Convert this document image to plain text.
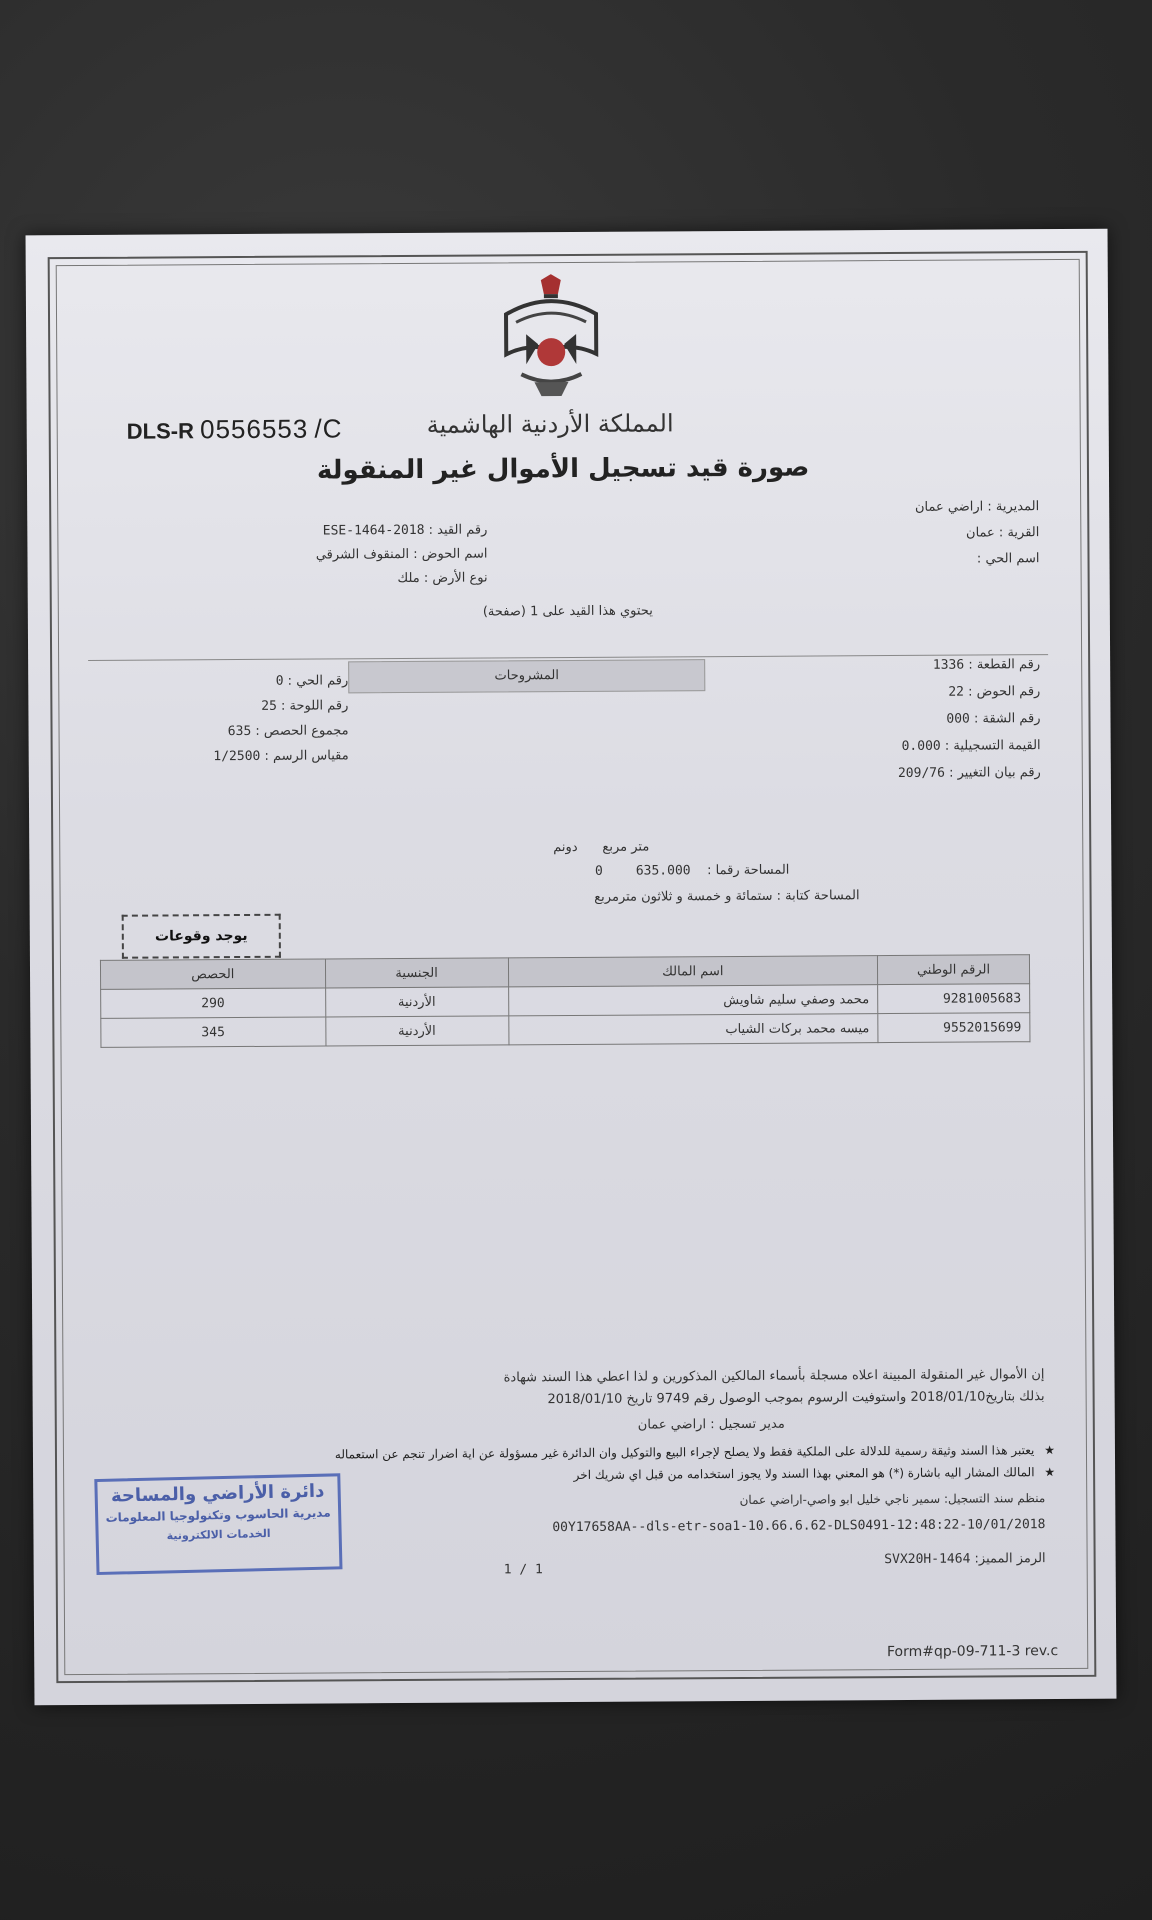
DLS-R 0556553 /C	المملكة الأردنية الهاشمية
صورة قيد تسجيل الأموال غير المنقولة
المديرية : اراضي عمان
القرية : عمان
اسم الحي :
رقم القيد : 2018-ESE-1464
اسم الحوض : المنقوف الشرقي
نوع الأرض : ملك
يحتوي هذا القيد على 1 (صفحة)
المشروحات
رقم القطعة : 1336
رقم الحوض : 22
رقم الشقة : 000
القيمة التسجيلية : 0.000
رقم بيان التغيير : 209/76
رقم الحي : 0
رقم اللوحة : 25
مجموع الحصص : 635
مقياس الرسم : 1/2500
متر مربع      دونم
المساحة رقما :    635.000        0
المساحة كتابة : ستمائة و خمسة و ثلاثون مترمربع
يوجد وقوعات
الرقم الوطني	اسم المالك	الجنسية	الحصص
9281005683	محمد وصفي سليم شاويش	الأردنية	290
9552015699	ميسه محمد بركات الشياب	الأردنية	345
إن الأموال غير المنقولة المبينة اعلاه مسجلة بأسماء المالكين المذكورين و لذا اعطي هذا السند شهادة
بذلك بتاريخ2018/01/10 واستوفيت الرسوم بموجب الوصول رقم 9749 تاريخ 2018/01/10
مدير تسجيل : اراضي عمان
★ يعتبر هذا السند وثيقة رسمية للدلالة على الملكية فقط ولا يصلح لإجراء البيع والتوكيل وان الدائرة غير مسؤولة عن اية اضرار تنجم عن استعماله
★ المالك المشار اليه باشارة (*) هو المعني بهذا السند ولا يجوز استخدامه من قبل اي شريك اخر
منظم سند التسجيل: سمير ناجي خليل ابو واصي-اراضي عمان
00Y17658AA--dls-etr-soa1-10.66.6.62-DLS0491-12:48:22-10/01/2018
الرمز المميز: 1464-SVX20H
1 / 1
دائرة الأراضي والمساحة
مديرية الحاسوب وتكنولوجيا المعلومات
الخدمات الالكترونية
Form#qp-09-711-3 rev.c
